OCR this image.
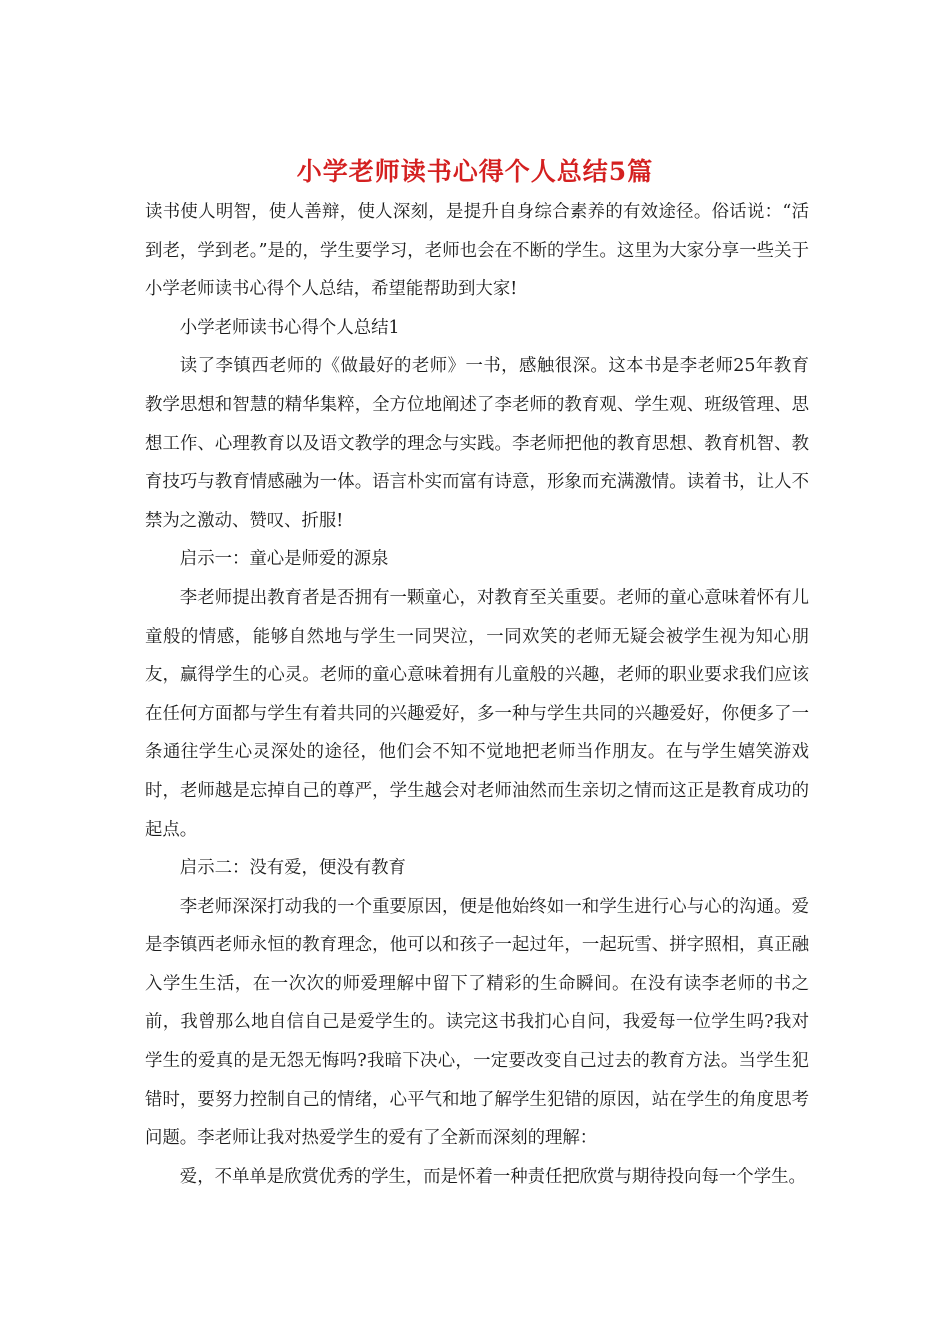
小学老师读书心得个人总结5篇

读书使人明智，使人善辩，使人深刻，是提升自身综合素养的有效途径。俗话说：“活到老，学到老。”是的，学生要学习，老师也会在不断的学生。这里为大家分享一些关于小学老师读书心得个人总结，希望能帮助到大家!

小学老师读书心得个人总结1

读了李镇西老师的《做最好的老师》一书，感触很深。这本书是李老师25年教育教学思想和智慧的精华集粹，全方位地阐述了李老师的教育观、学生观、班级管理、思想工作、心理教育以及语文教学的理念与实践。李老师把他的教育思想、教育机智、教育技巧与教育情感融为一体。语言朴实而富有诗意，形象而充满激情。读着书，让人不禁为之激动、赞叹、折服!

启示一：童心是师爱的源泉

李老师提出教育者是否拥有一颗童心，对教育至关重要。老师的童心意味着怀有儿童般的情感，能够自然地与学生一同哭泣，一同欢笑的老师无疑会被学生视为知心朋友，赢得学生的心灵。老师的童心意味着拥有儿童般的兴趣，老师的职业要求我们应该在任何方面都与学生有着共同的兴趣爱好，多一种与学生共同的兴趣爱好，你便多了一条通往学生心灵深处的途径，他们会不知不觉地把老师当作朋友。在与学生嬉笑游戏时，老师越是忘掉自己的尊严，学生越会对老师油然而生亲切之情而这正是教育成功的起点。

启示二：没有爱，便没有教育

李老师深深打动我的一个重要原因，便是他始终如一和学生进行心与心的沟通。爱是李镇西老师永恒的教育理念，他可以和孩子一起过年，一起玩雪、拼字照相，真正融入学生生活，在一次次的师爱理解中留下了精彩的生命瞬间。在没有读李老师的书之前，我曾那么地自信自己是爱学生的。读完这书我扪心自问，我爱每一位学生吗?我对学生的爱真的是无怨无悔吗?我暗下决心，一定要改变自己过去的教育方法。当学生犯错时，要努力控制自己的情绪，心平气和地了解学生犯错的原因，站在学生的角度思考问题。李老师让我对热爱学生的爱有了全新而深刻的理解：

爱，不单单是欣赏优秀的学生，而是怀着一种责任把欣赏与期待投向每一个学生。
